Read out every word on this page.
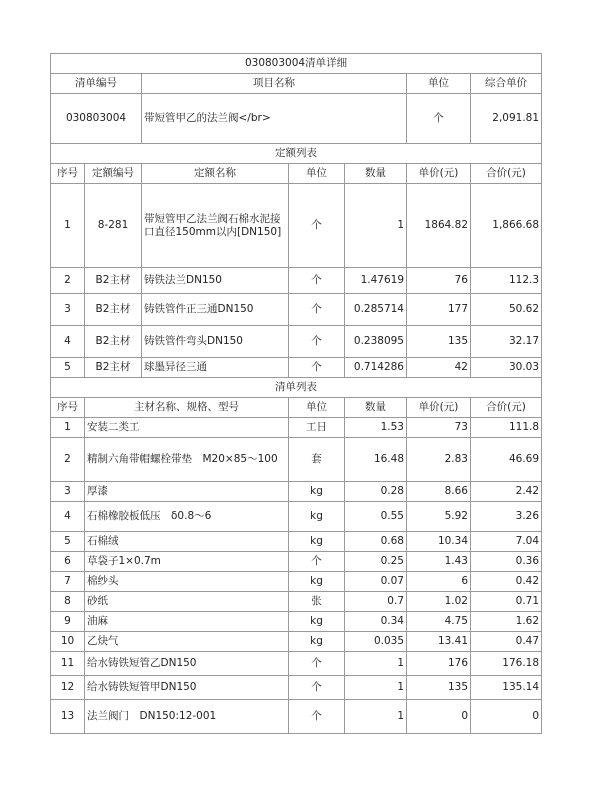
030803004清单详细						
清单编号		项目名称			单位	综合单价
030803004		带短管甲乙的法兰阀</br>			个	2,091.81
定额列表						
序号	定额编号	定额名称	单位	数量	单价(元)	合价(元)
1	8-281	带短管甲乙法兰阀石棉水泥接口直径150mm以内[DN150]	个	1	1864.82	1,866.68
2	B2主材	铸铁法兰DN150	个	1.47619	76	112.3
3	B2主材	铸铁管件正三通DN150	个	0.285714	177	50.62
4	B2主材	铸铁管件弯头DN150	个	0.238095	135	32.17
5	B2主材	球墨异径三通	个	0.714286	42	30.03
清单列表						
序号	主材名称、规格、型号		单位	数量	单价(元)	合价(元)
1	安装二类工		工日	1.53	73	111.8
2	精制六角带帽螺栓带垫　M20×85～100		套	16.48	2.83	46.69
3	厚漆		kg	0.28	8.66	2.42
4	石棉橡胶板低压　δ0.8～6		kg	0.55	5.92	3.26
5	石棉绒		kg	0.68	10.34	7.04
6	草袋子1×0.7m		个	0.25	1.43	0.36
7	棉纱头		kg	0.07	6	0.42
8	砂纸		张	0.7	1.02	0.71
9	油麻		kg	0.34	4.75	1.62
10	乙炔气		kg	0.035	13.41	0.47
11	给水铸铁短管乙DN150		个	1	176	176.18
12	给水铸铁短管甲DN150		个	1	135	135.14
13	法兰阀门　DN150:12-001		个	1	0	0
